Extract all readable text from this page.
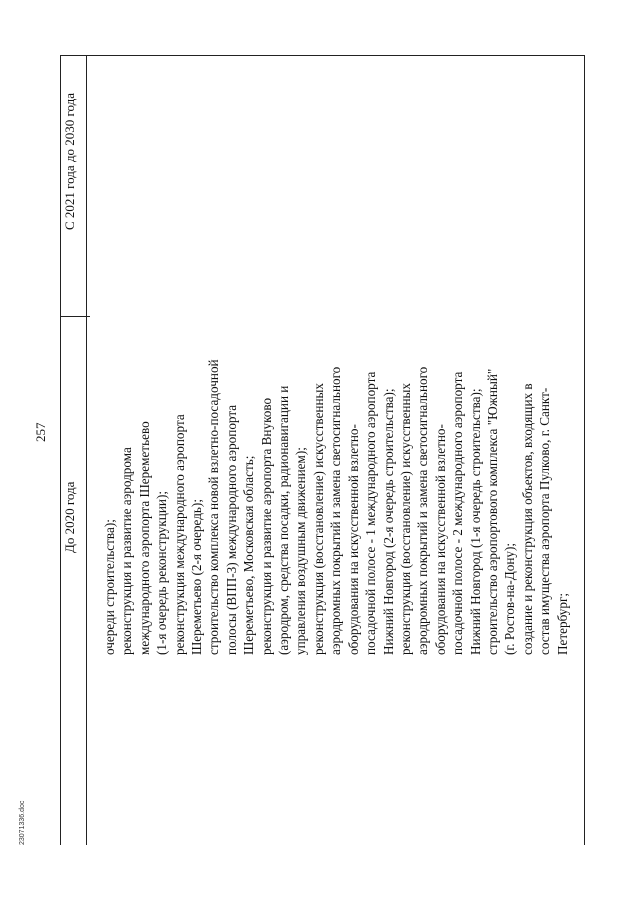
257
До 2020 года
С 2021 года до 2030 года
очереди строительства); реконструкция и развитие аэродрома международного аэропорта Шереметьево (1-я очередь реконструкции); реконструкция международного аэропорта Шереметьево (2-я очередь); строительство комплекса новой взлетно-посадочной полосы (ВПП-3) международного аэропорта Шереметьево, Московская область; реконструкция и развитие аэропорта Внуково (аэродром, средства посадки, радионавигации и управления воздушным движением); реконструкция (восстановление) искусственных аэродромных покрытий и замена светосигнального оборудования на искусственной взлетно- посадочной полосе - 1 международного аэропорта Нижний Новгород (2-я очередь строительства); реконструкция (восстановление) искусственных аэродромных покрытий и замена светосигнального оборудования на искусственной взлетно- посадочной полосе - 2 международного аэропорта Нижний Новгород (1-я очередь строительства); строительство аэропортового комплекса "Южный" (г. Ростов-на-Дону); создание и реконструкция объектов, входящих в состав имущества аэропорта Пулково, г. Санкт- Петербург;
23071336.doc
